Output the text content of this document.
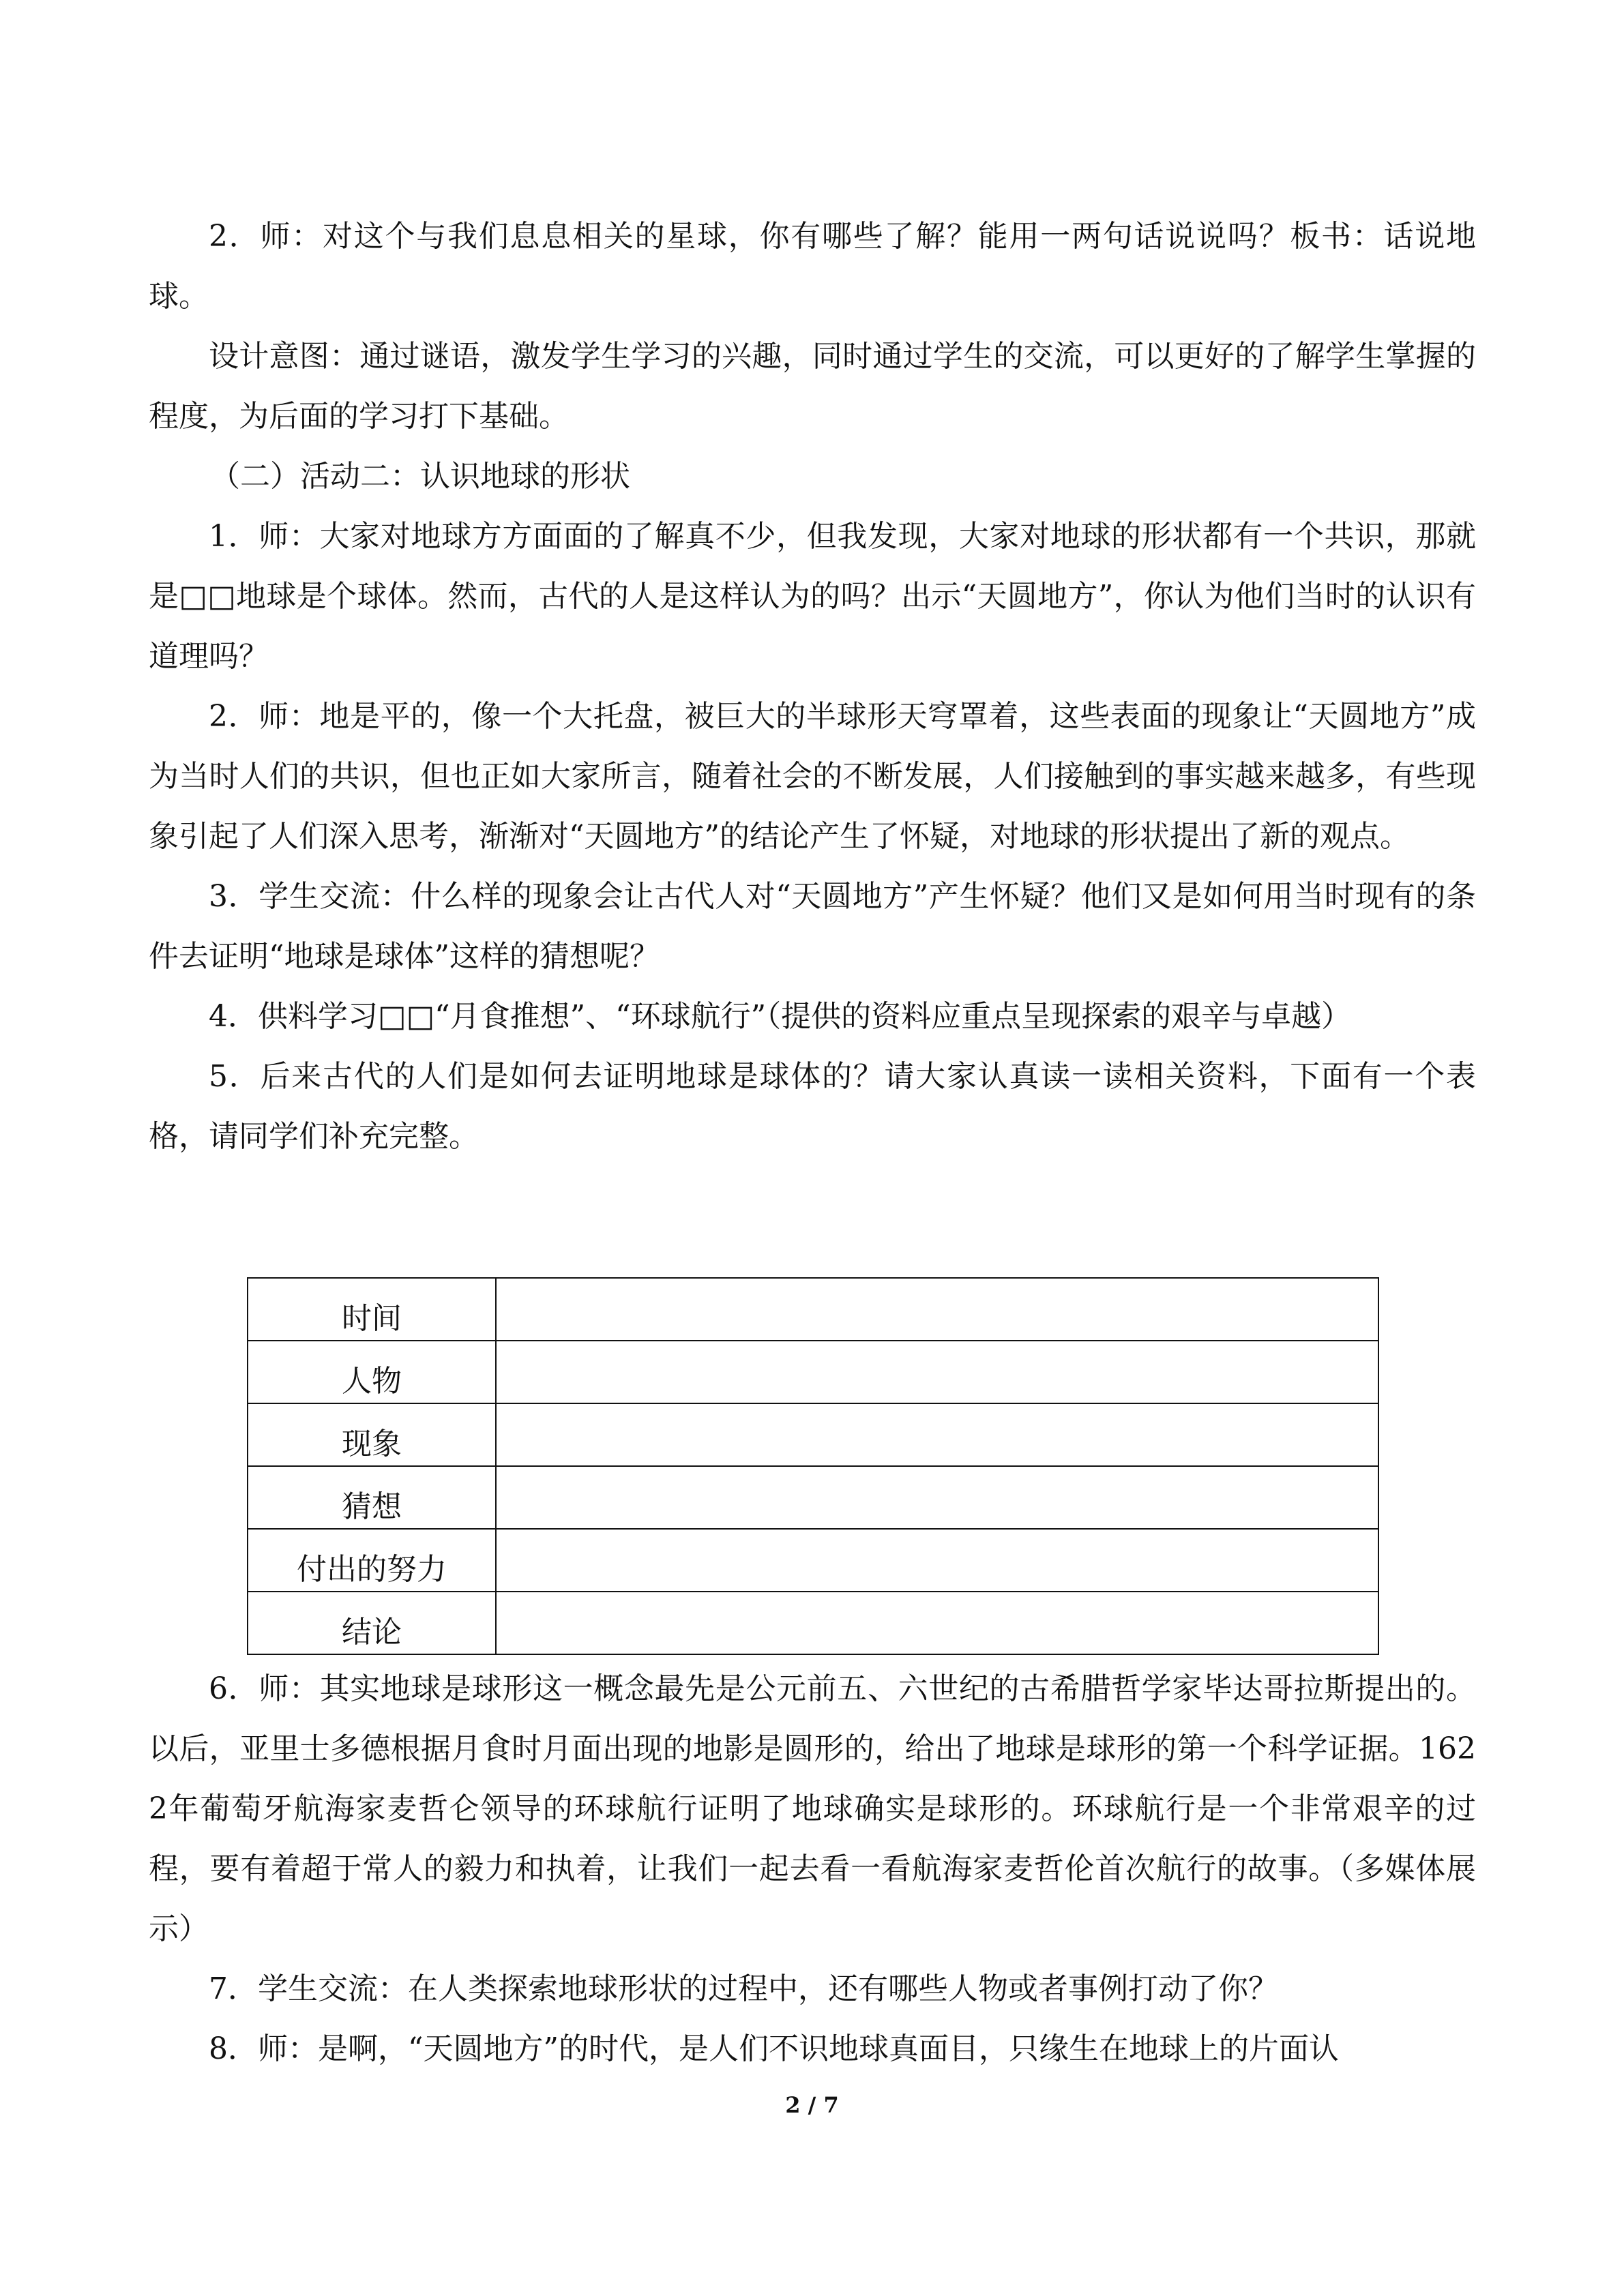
2．师：对这个与我们息息相关的星球，你有哪些了解？能用一两句话说说吗？板书：话说地球。

设计意图：通过谜语，激发学生学习的兴趣，同时通过学生的交流，可以更好的了解学生掌握的程度，为后面的学习打下基础。

（二）活动二：认识地球的形状

1．师：大家对地球方方面面的了解真不少，但我发现，大家对地球的形状都有一个共识，那就是□□地球是个球体。然而，古代的人是这样认为的吗？出示“天圆地方”，你认为他们当时的认识有道理吗？

2．师：地是平的，像一个大托盘，被巨大的半球形天穹罩着，这些表面的现象让“天圆地方”成为当时人们的共识，但也正如大家所言，随着社会的不断发展，人们接触到的事实越来越多，有些现象引起了人们深入思考，渐渐对“天圆地方”的结论产生了怀疑，对地球的形状提出了新的观点。

3．学生交流：什么样的现象会让古代人对“天圆地方”产生怀疑？他们又是如何用当时现有的条件去证明“地球是球体”这样的猜想呢？

4．供料学习□□“月食推想”、“环球航行”（提供的资料应重点呈现探索的艰辛与卓越）

5．后来古代的人们是如何去证明地球是球体的？请大家认真读一读相关资料，下面有一个表格，请同学们补充完整。

时间	
人物	
现象	
猜想	
付出的努力	
结论	

6．师：其实地球是球形这一概念最先是公元前五、六世纪的古希腊哲学家毕达哥拉斯提出的。以后，亚里士多德根据月食时月面出现的地影是圆形的，给出了地球是球形的第一个科学证据。1622年葡萄牙航海家麦哲仑领导的环球航行证明了地球确实是球形的。环球航行是一个非常艰辛的过程，要有着超于常人的毅力和执着，让我们一起去看一看航海家麦哲伦首次航行的故事。（多媒体展示）

7．学生交流：在人类探索地球形状的过程中，还有哪些人物或者事例打动了你？

8．师：是啊，“天圆地方”的时代，是人们不识地球真面目，只缘生在地球上的片面认

2 / 7
